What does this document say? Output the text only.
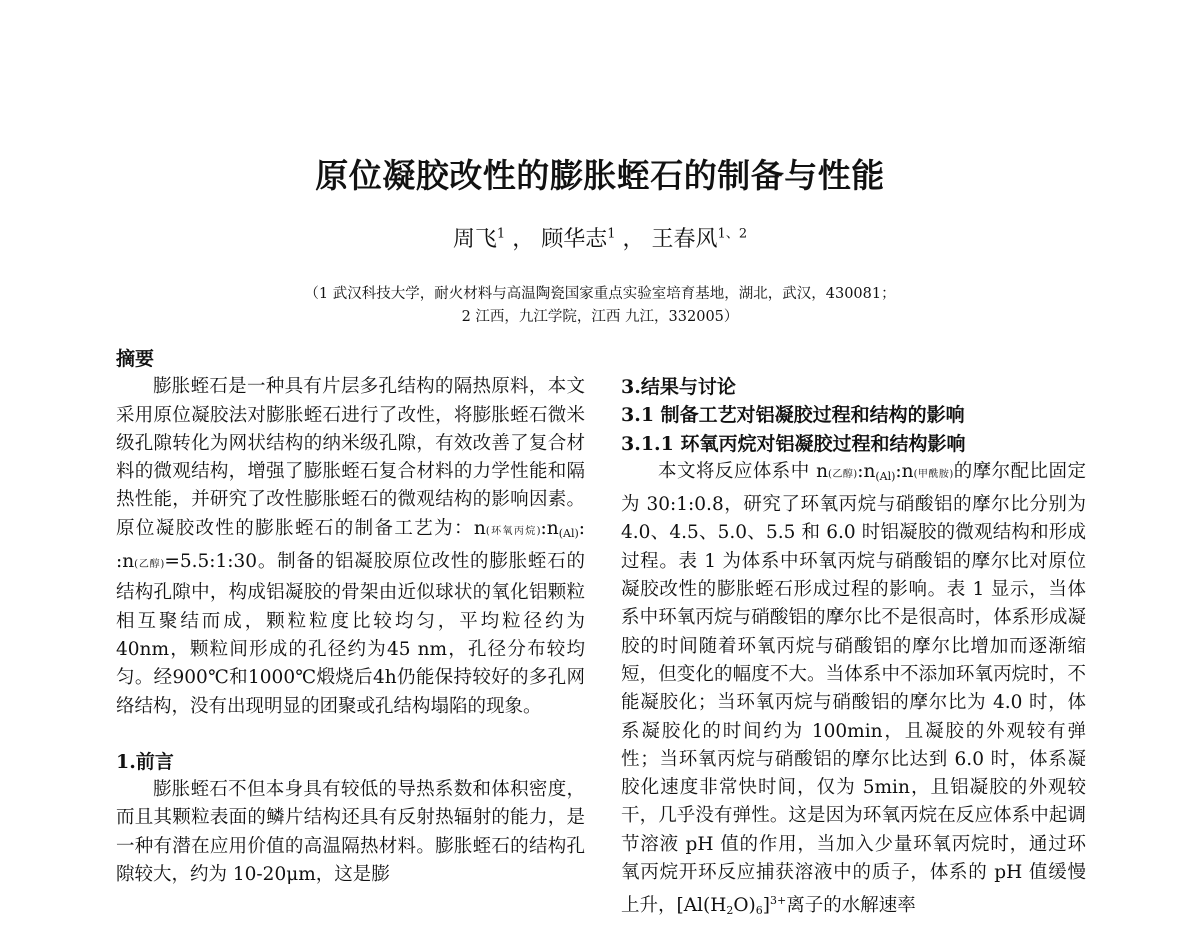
原位凝胶改性的膨胀蛭石的制备与性能
周飞$^1$ ， 顾华志$^1$ ， 王春风$^{1、2}$
（1 武汉科技大学，耐火材料与高温陶瓷国家重点实验室培育基地，湖北，武汉，430081；
2 江西，九江学院，江西 九江，332005）

摘要

膨胀蛭石是一种具有片层多孔结构的隔热原料，本文采用原位凝胶法对膨胀蛭石进行了改性，将膨胀蛭石微米级孔隙转化为网状结构的纳米级孔隙，有效改善了复合材料的微观结构，增强了膨胀蛭石复合材料的力学性能和隔热性能，并研究了改性膨胀蛭石的微观结构的影响因素。原位凝胶改性的膨胀蛭石的制备工艺为：n(环氧丙烷)$:n_{(Al)}$: :n(乙醇)=5.5:1:30。制备的铝凝胶原位改性的膨胀蛭石的结构孔隙中，构成铝凝胶的骨架由近似球状的氧化铝颗粒相互聚结而成，颗粒粒度比较均匀，平均粒径约为40nm，颗粒间形成的孔径约为45 nm，孔径分布较均匀。经900℃和1000℃煅烧后4h仍能保持较好的多孔网络结构，没有出现明显的团聚或孔结构塌陷的现象。

1.前言

膨胀蛭石不但本身具有较低的导热系数和体积密度，而且其颗粒表面的鳞片结构还具有反射热辐射的能力，是一种有潜在应用价值的高温隔热材料。膨胀蛭石的结构孔隙较大，约为 10-20μm，这是膨

3.结果与讨论

3.1 制备工艺对铝凝胶过程和结构的影响

3.1.1 环氧丙烷对铝凝胶过程和结构影响

本文将反应体系中 n(乙醇)$:n_{(Al)}:n$(甲酰胺)的摩尔配比固定为 30:1:0.8，研究了环氧丙烷与硝酸铝的摩尔比分别为 4.0、4.5、5.0、5.5 和 6.0 时铝凝胶的微观结构和形成过程。表 1 为体系中环氧丙烷与硝酸铝的摩尔比对原位凝胶改性的膨胀蛭石形成过程的影响。表 1 显示，当体系中环氧丙烷与硝酸铝的摩尔比不是很高时，体系形成凝胶的时间随着环氧丙烷与硝酸铝的摩尔比增加而逐渐缩短，但变化的幅度不大。当体系中不添加环氧丙烷时，不能凝胶化；当环氧丙烷与硝酸铝的摩尔比为 4.0 时，体系凝胶化的时间约为 100min，且凝胶的外观较有弹性；当环氧丙烷与硝酸铝的摩尔比达到 6.0 时，体系凝胶化速度非常快时间，仅为 5min，且铝凝胶的外观较干，几乎没有弹性。这是因为环氧丙烷在反应体系中起调节溶液 pH 值的作用，当加入少量环氧丙烷时，通过环氧丙烷开环反应捕获溶液中的质子，体系的 pH 值缓慢上升，$[Al(H_2O)_6]^{3+}$离子的水解速率
